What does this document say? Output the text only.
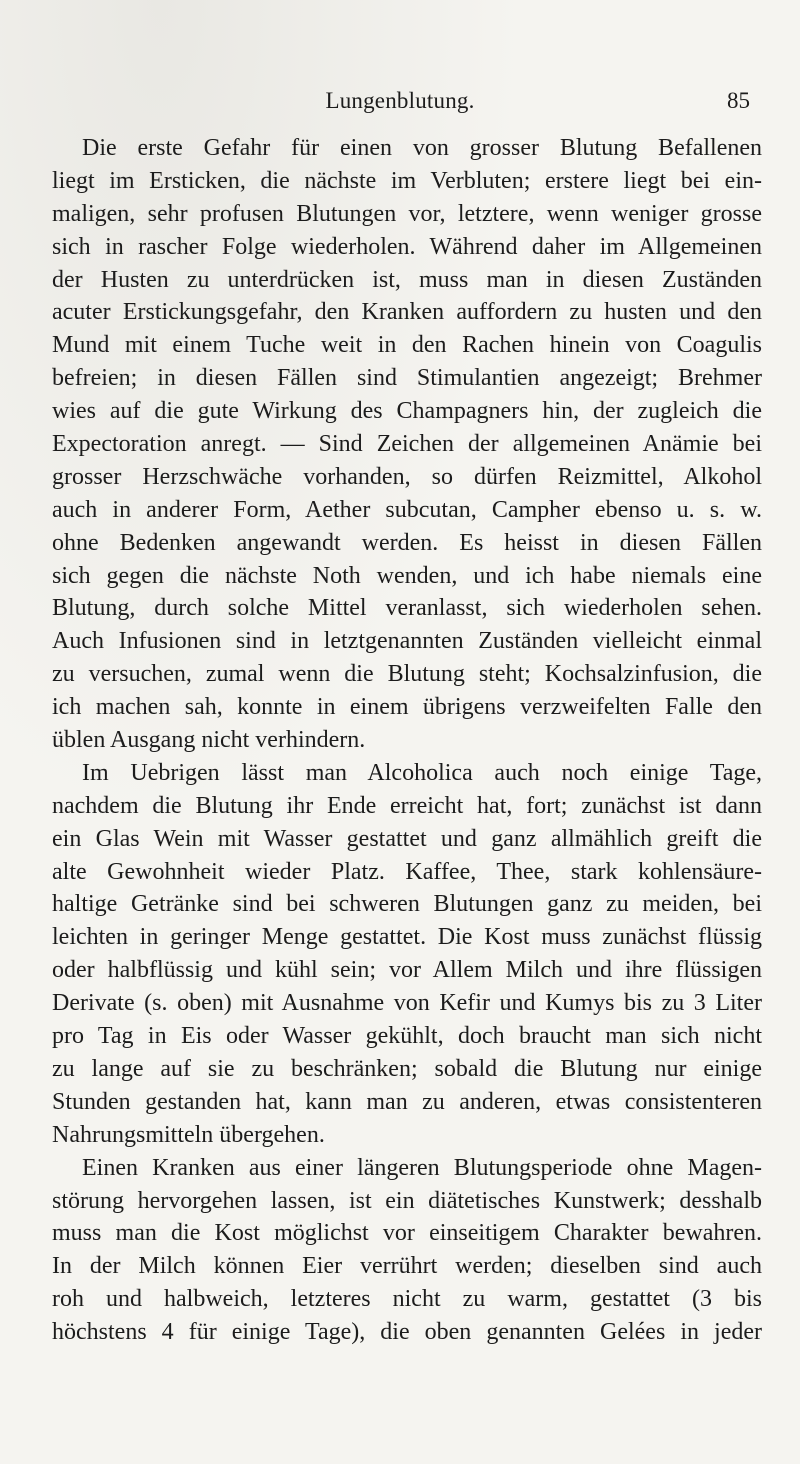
Lungenblutung.	85
Die erste Gefahr für einen von grosser Blutung Befallenen
liegt im Ersticken, die nächste im Verbluten; erstere liegt bei ein-
maligen, sehr profusen Blutungen vor, letztere, wenn weniger grosse
sich in rascher Folge wiederholen. Während daher im Allgemeinen
der Husten zu unterdrücken ist, muss man in diesen Zuständen
acuter Erstickungsgefahr, den Kranken auffordern zu husten und den
Mund mit einem Tuche weit in den Rachen hinein von Coagulis
befreien; in diesen Fällen sind Stimulantien angezeigt; Brehmer
wies auf die gute Wirkung des Champagners hin, der zugleich die
Expectoration anregt. — Sind Zeichen der allgemeinen Anämie bei
grosser Herzschwäche vorhanden, so dürfen Reizmittel, Alkohol
auch in anderer Form, Aether subcutan, Campher ebenso u. s. w.
ohne Bedenken angewandt werden. Es heisst in diesen Fällen
sich gegen die nächste Noth wenden, und ich habe niemals eine
Blutung, durch solche Mittel veranlasst, sich wiederholen sehen.
Auch Infusionen sind in letztgenannten Zuständen vielleicht einmal
zu versuchen, zumal wenn die Blutung steht; Kochsalzinfusion, die
ich machen sah, konnte in einem übrigens verzweifelten Falle den
üblen Ausgang nicht verhindern.
Im Uebrigen lässt man Alcoholica auch noch einige Tage,
nachdem die Blutung ihr Ende erreicht hat, fort; zunächst ist dann
ein Glas Wein mit Wasser gestattet und ganz allmählich greift die
alte Gewohnheit wieder Platz. Kaffee, Thee, stark kohlensäure-
haltige Getränke sind bei schweren Blutungen ganz zu meiden, bei
leichten in geringer Menge gestattet. Die Kost muss zunächst flüssig
oder halbflüssig und kühl sein; vor Allem Milch und ihre flüssigen
Derivate (s. oben) mit Ausnahme von Kefir und Kumys bis zu 3 Liter
pro Tag in Eis oder Wasser gekühlt, doch braucht man sich nicht
zu lange auf sie zu beschränken; sobald die Blutung nur einige
Stunden gestanden hat, kann man zu anderen, etwas consistenteren
Nahrungsmitteln übergehen.
Einen Kranken aus einer längeren Blutungsperiode ohne Magen-
störung hervorgehen lassen, ist ein diätetisches Kunstwerk; desshalb
muss man die Kost möglichst vor einseitigem Charakter bewahren.
In der Milch können Eier verrührt werden; dieselben sind auch
roh und halbweich, letzteres nicht zu warm, gestattet (3 bis
höchstens 4 für einige Tage), die oben genannten Gelées in jeder
